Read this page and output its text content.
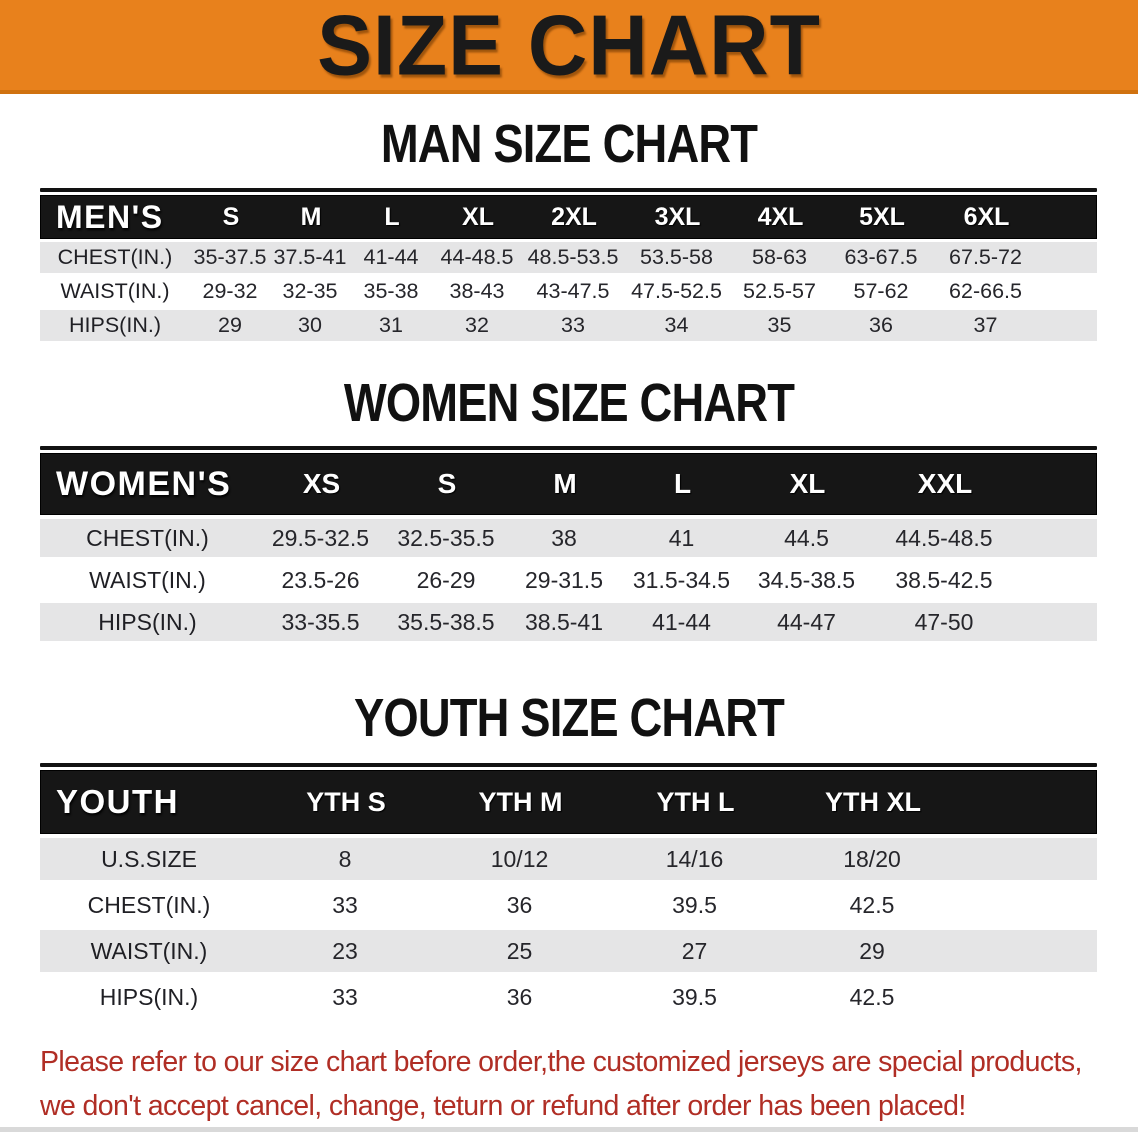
SIZE CHART
MAN SIZE CHART
MEN'S	S	M	L	XL	2XL	3XL	4XL	5XL	6XL
CHEST(IN.) 35-37.5 37.5-41 41-44	44-48.5 48.5-53.5	53.5-58	58-63	63-67.5	67.5-72
WAIST(IN.)	29-32	32-35	35-38	38-43	43-47.5	47.5-52.5 52.5-57	57-62	62-66.5
HIPS(IN.)	29	30	31	32	33	34	35	36	37
WOMEN SIZE CHART
WOMEN'S	XS	S	M	L	XL	XXL
CHEST(IN.)	29.5-32.5	32.5-35.5	38	41	44.5	44.5-48.5
WAIST(IN.)	23.5-26	26-29	29-31.5	31.5-34.5	34.5-38.5	38.5-42.5
HIPS(IN.)	33-35.5	35.5-38.5	38.5-41	41-44	44-47	47-50
YOUTH SIZE CHART
YOUTH	YTH S	YTH M	YTH L	YTH XL
U.S.SIZE	8	10/12	14/16	18/20
CHEST(IN.)	33	36	39.5	42.5
WAIST(IN.)	23	25	27	29
HIPS(IN.)	33	36	39.5	42.5
Please refer to our size chart before order,the customized jerseys are special products,
we don't accept cancel, change, teturn or refund after order has been placed!
